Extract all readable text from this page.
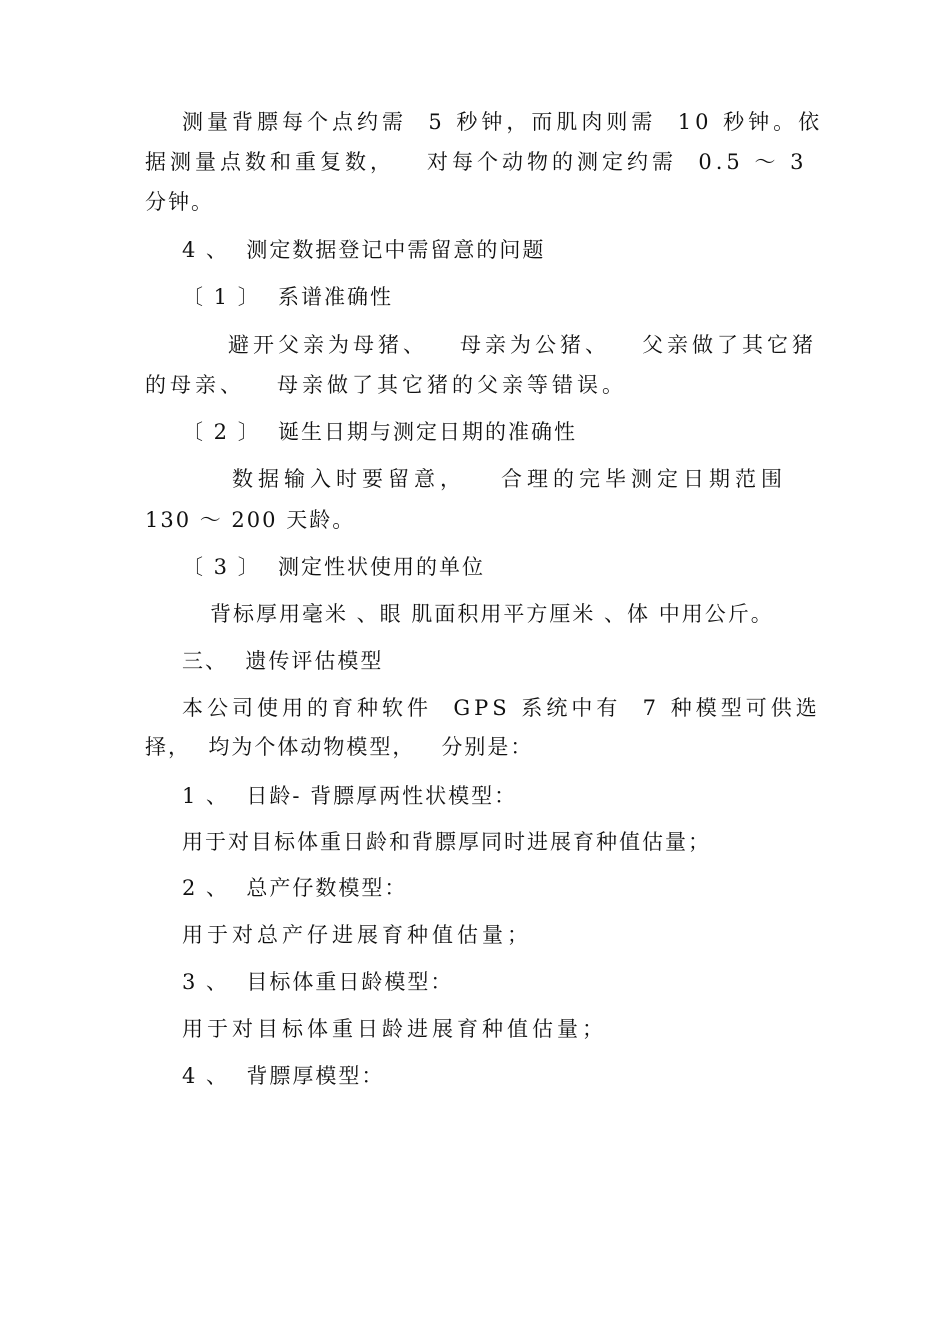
测量背膘每个点约需  5 秒钟，而肌肉则需  10 秒钟。依
据测量点数和重复数，   对每个动物的测定约需  0.5 ～ 3
分钟。
4 、  测定数据登记中需留意的问题
〔 1 〕  系谱准确性
避开父亲为母猪、   母亲为公猪、   父亲做了其它猪
的母亲、   母亲做了其它猪的父亲等错误。
〔 2 〕  诞生日期与测定日期的准确性
数据输入时要留意，   合理的完毕测定日期范围
130 ～ 200 天龄。
〔 3 〕  测定性状使用的单位
背标厚用毫米 、眼 肌面积用平方厘米 、体 中用公斤。
三、  遗传评估模型
本公司使用的育种软件  GPS 系统中有  7 种模型可供选
择，  均为个体动物模型，   分别是：
1 、  日龄- 背膘厚两性状模型：
用于对目标体重日龄和背膘厚同时进展育种值估量；
2 、  总产仔数模型：
用于对总产仔进展育种值估量；
3 、  目标体重日龄模型：
用于对目标体重日龄进展育种值估量；
4 、  背膘厚模型：
